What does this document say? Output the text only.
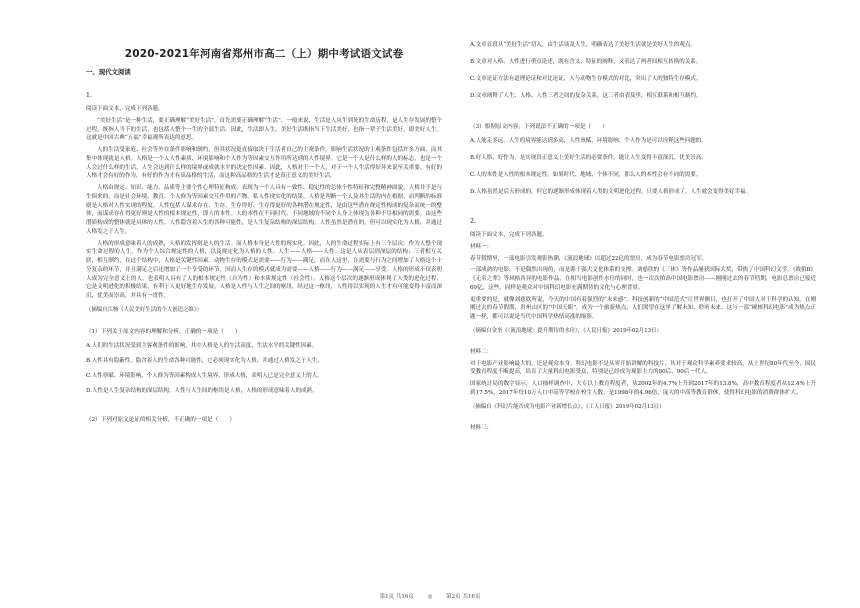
2020-2021年河南省郑州市高二（上）期中考试语文试卷
一、现代文阅读
1.

阅读下面文本，完成下列各题。

“美好生活”是一种生活，要正确理解“美好生活”，首先需要正确理解“生活”。一般来说，生活是人从生到死的生命历程，是人生存发展的整个过程，既指人当下的生活，也包括人整个一生的全部生活。因此，生活即人生，美好生活既指当下生活美好，也指一辈子生活美好，即美好人生。这就是中国古典“五福”幸福观所表达的意思。

人的生活受家庭、社会等外在条件影响和制约，但其状况更直接取决于生活者自己的主观条件。影响生活状况的主观条件包括许多方面，而其集中体现就是人格。人格是一个人人性素质、环境影响和个人作为等因素交互作用所达到的人性境界。它是一个人是什么样的人的标志，也是一个人会过什么样的生活、人生会达到什么样的境界或成就水平的决定性因素。因此，人格对于一个人，对于一个人生活得好坏来说至关重要。有好的人格才会有好的作为，有好的作为才有高品格的生活，而这种高品格的生活才是真正意义的美好生活。

人格由规定、知识、能力、品质等主要个性心理特征构成，表现为一个人具有一致性、稳定性的总体个性特征和完整精神面貌。人格并不是与生俱来的，而是社会环境、教育、个人修为等因素交互作用的产物。私人性现实化的结果。人格是判断一个人及其生活的内在根据，而判断的标准则是人格对人性实现的程度。人性包括人谋求存在、生存、生存得好、生存得更好的各种潜在规定性，是由这些潜在规定性构成的复杂而统一的整体，而谋求存在得更好则是人性的根本规定性，即人的本性。人的本性在不同时代、不同地域的不同个人身上体现为各种不尽相同的需要。由这些潜质构成的整体就是具体的人性。人性隐含着人生的各种可能性，是人生复杂结构的深层结构。人性虽然是潜在的，但可以现实化为人格，并通过人格发之于人生。

人格的形成意味着人的成熟，人格的发挥则是人的生活。而人格本身是人性的现实化。因此，人的生命过程实际上有三个层次：作为人整个现实生命过程的人生，作为个人综合规定性的人格，以及规定化为人格的人性。人生——人格——人性：这是人从表层到深层的结构；三者相互关联，相互制约，在这个结构中，人格是关键性因素。动物生存的模式是需要——行为——满足，而在人这里，在需要与行为之间增加了人格这个十分复杂的环节，并且满足之后还增加了一个享受的环节。因而人生存的模式就成为需要——人格——行为——满足——享受。人格的形成不仅表明人成为完全意义上的人，也表明人具有了人的根本规定性（自为性）和本质规定性（社会性）。人格这个层次的逐渐形成体现了人类的进化过程，它是文明进化的积极结果，有利于人更好地生存发展。人格是人性与人生之间的枢纽，经过这一枢纽，人性得以实现的人生才有可能变得丰富而深沉、优美而崇高，并具有一贯性。

（摘编自江畅《人民美好生活的个人创造之维》）
（1）下列关于原文内容的理解和分析，正确的一项是（　　）
A.人们的生活状况受到主客观条件的影响，其中人格是人的生活高度、生活水平的关键性因素。
B.人性具有隐蔽性，隐含着人的生命各种可能性，它必须现实化为人格，并通过人格发之于人生。
C.人性禀赋、环境影响、个人修为等因素构成人生境界，形成人格，表明人已是完全意义上的人。
D.人性是人生复杂结构的深层结构，人性与人生间的枢纽是人格，人格的形成意味着人的成熟。
（2）下列对原文论证的相关分析，不正确的一项是（　　）
A.文章首段从“美好生活”切入，由生活谈及人生，明确表达了美好生活就是美好人生的观点。
B.文章对人格、人性进行重点论述，既有含义、特征的阐释，又表达了两者间相互转换的关系。
C.文章论证方法有道理论证和对比论证，人与动物生存模式的对比，突出了人的独特生存模式。
D.文章阐释了人生、人格、人性三者之间的复杂关系，这三者由表及里，相互联系和相互制约。
（3）根据原文内容，下列说法不正确的一项是（　　）
A.人能走多远，人生的境界能达到多高，人性禀赋、环境影响、个人作为是可以诠释这些问题的。
B.好人格，好作为，是实现真正意义上美好生活的必要条件，能让人生变得丰富深沉、优美崇高。
C.人的本性是人性的根本规定性，如果时代、地域、个体不同，那么人的本性会有不同的需要。
D.人格虽然是后天形成的，但它的逐渐形成体现着人类的文明进化过程，只要人格形成了，人生就会变得美好幸福。
2.

阅读下面文本，完成下列各题。

材料一：

春节假期里，一部电影引发观影热潮，《流浪地球》以超过22亿的票房，成为春节电影票房冠军。

一部成熟的电影，不是偶然出现的，而是源于强大文化体系的支撑。刘慈欣的《三体》等作品屡获国际大奖，带热了中国科幻文学，《战狼Ⅱ》《无名之辈》等风格各异的电影作品，在相当电影创作水位的同时，也一次次拍高中国电影票房——刚刚过去的春节档期，电影总票房已接近60亿，这些，同样是观众对中国科幻电影充满期待的文化与心理背景。

更重要的是，就像刘慈欣所说，今天的中国有着强烈的“未来感”。科技创新的“中国范式”让世界侧目，也打开了中国人对于科学的认知。在刚刚过去的春节假期，贵州山区的“中国天眼”，成为一个旅游热点，人们渴望在这里了解未知、聆听未来。这与一部“硬核科幻电影”成为热点正题一样，都可以说是当代中国科学热情高涨的缩影。

（摘编自金奎《〈流浪地球〉提升期待的水位》，《人民日报》2019年02月13日）

材料二：

对于电影产业影响最大的，还是观众本身。科幻电影不是从零开始讲解的科技片，其对于观众科学素养要求较高，从上世纪80年代至今，国民受教育程度不断提高，培育了大量科幻电影受众，特别是已经成为观影主力的80后、90后一代人。

国家统计局的数字显示，人口抽样调查中，大专以上教育程度者，从2002年的4.7%上升到2017年的13.8%，高中教育程度者从12.4%上升到17.5%，2017年每10万人口中高等学校在校生人数，是1998年的4.96倍，庞大的中高等教育群体，使得科幻电影的消费群体扩大。

（摘编自《科幻片能否成为电影产业新增长点》，《工人日报》2019年02月13日）

材料三：

第1页 共16页	◎	第2页 共16页
